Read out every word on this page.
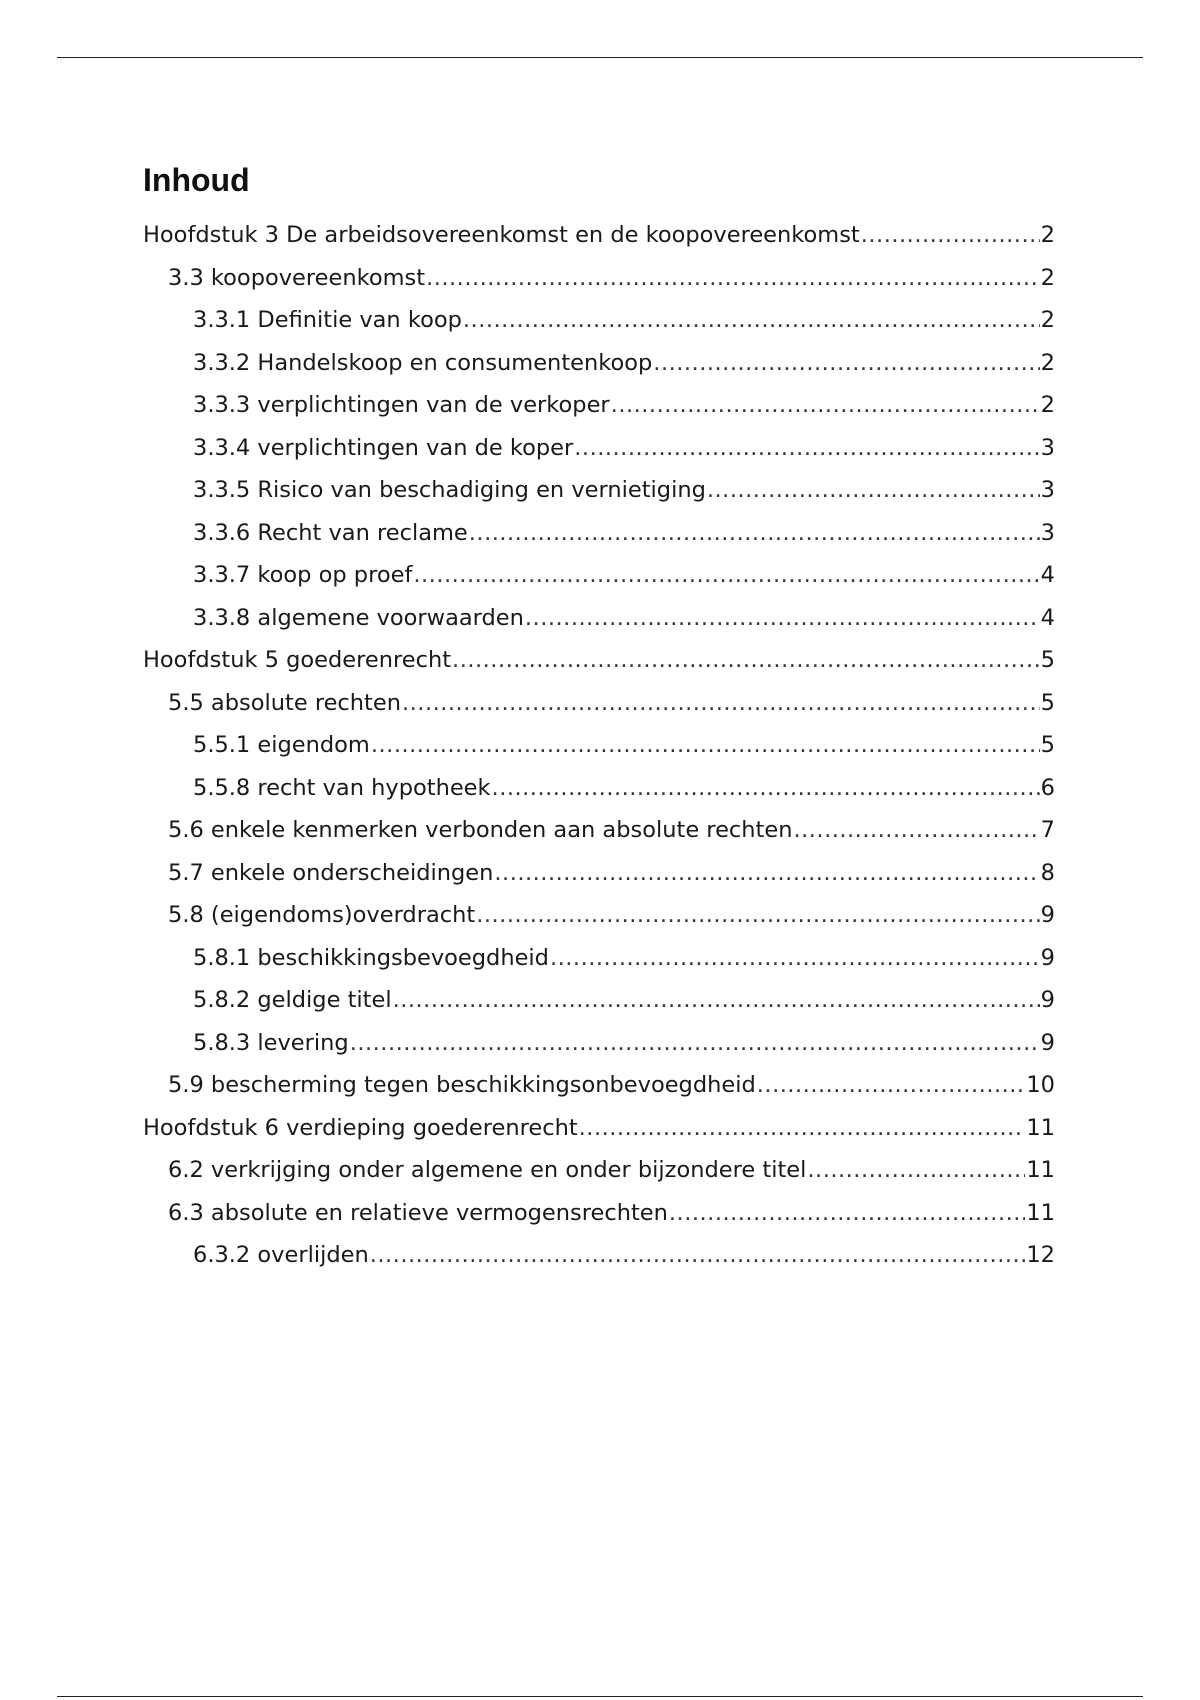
Inhoud
Hoofdstuk 3 De arbeidsovereenkomst en de koopovereenkomst .....	2
3.3 koopovereenkomst .....	2
3.3.1 Definitie van koop .....	2
3.3.2 Handelskoop en consumentenkoop .....	2
3.3.3 verplichtingen van de verkoper .....	2
3.3.4 verplichtingen van de koper .....	3
3.3.5 Risico van beschadiging en vernietiging .....	3
3.3.6 Recht van reclame .....	3
3.3.7 koop op proef .....	4
3.3.8 algemene voorwaarden .....	4
Hoofdstuk 5 goederenrecht .....	5
5.5 absolute rechten .....	5
5.5.1 eigendom .....	5
5.5.8 recht van hypotheek .....	6
5.6 enkele kenmerken verbonden aan absolute rechten .....	7
5.7 enkele onderscheidingen .....	8
5.8 (eigendoms)overdracht .....	9
5.8.1 beschikkingsbevoegdheid .....	9
5.8.2 geldige titel .....	9
5.8.3 levering .....	9
5.9 bescherming tegen beschikkingsonbevoegdheid .....	10
Hoofdstuk 6 verdieping goederenrecht .....	11
6.2 verkrijging onder algemene en onder bijzondere titel .....	11
6.3 absolute en relatieve vermogensrechten .....	11
6.3.2 overlijden .....	12
